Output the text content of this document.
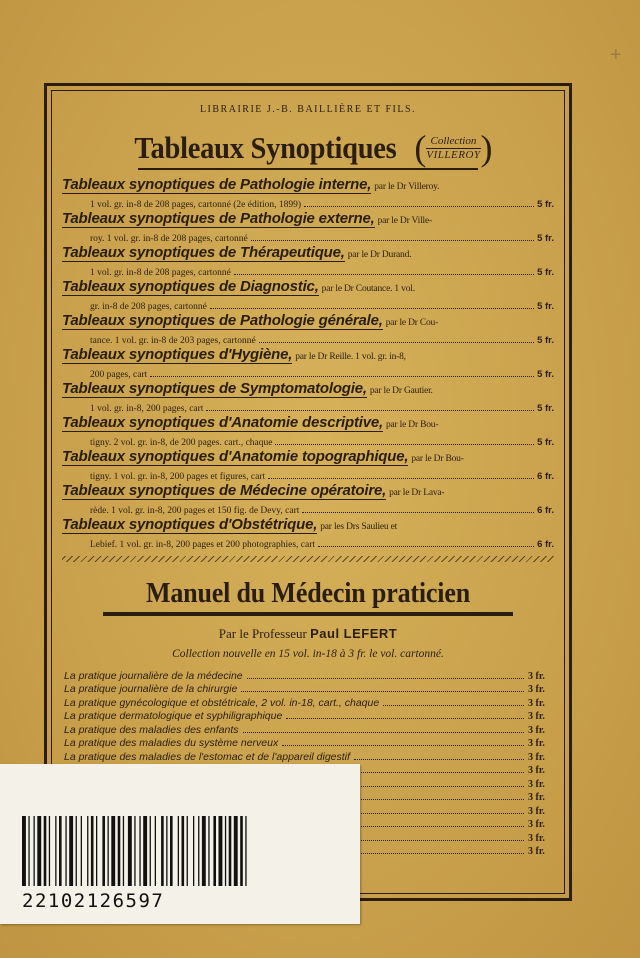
+
LIBRAIRIE J.-B. BAILLIÈRE ET FILS.
Tableaux Synoptiques ( Collection
VILLEROY )
Tableaux synoptiques de Pathologie interne, par le Dr Villeroy.
1 vol. gr. in-8 de 208 pages, cartonné (2e édition, 1899)	5 fr.
Tableaux synoptiques de Pathologie externe, par le Dr Ville-
roy. 1 vol. gr. in-8 de 208 pages, cartonné	5 fr.
Tableaux synoptiques de Thérapeutique, par le Dr Durand.
1 vol. gr. in-8 de 208 pages, cartonné	5 fr.
Tableaux synoptiques de Diagnostic, par le Dr Coutance. 1 vol.
gr. in-8 de 208 pages, cartonné	5 fr.
Tableaux synoptiques de Pathologie générale, par le Dr Cou-
tance. 1 vol. gr. in-8 de 203 pages, cartonné	5 fr.
Tableaux synoptiques d'Hygiène, par le Dr Reille. 1 vol. gr. in-8,
200 pages, cart	5 fr.
Tableaux synoptiques de Symptomatologie, par le Dr Gautier.
1 vol. gr. in-8, 200 pages, cart	5 fr.
Tableaux synoptiques d'Anatomie descriptive, par le Dr Bou-
tigny. 2 vol. gr. in-8, de 200 pages. cart., chaque	5 fr.
Tableaux synoptiques d'Anatomie topographique, par le Dr Bou-
tigny. 1 vol. gr. in-8, 200 pages et figures, cart	6 fr.
Tableaux synoptiques de Médecine opératoire, par le Dr Lava-
rède. 1 vol. gr. in-8, 200 pages et 150 fig. de Devy, cart	6 fr.
Tableaux synoptiques d'Obstétrique, par les Drs Saulieu et
Lebief. 1 vol. gr. in-8, 200 pages et 200 photographies, cart	6 fr.
Manuel du Médecin praticien
Par le Professeur Paul LEFERT
Collection nouvelle en 15 vol. in-18 à 3 fr. le vol. cartonné.
La pratique journalière de la médecine	3 fr.
La pratique journalière de la chirurgie	3 fr.
La pratique gynécologique et obstétricale, 2 vol. in-18, cart., chaque	3 fr.
La pratique dermatologique et syphiligraphique	3 fr.
La pratique des maladies des enfants	3 fr.
La pratique des maladies du système nerveux	3 fr.
La pratique des maladies de l'estomac et de l'appareil digestif	3 fr.
3 fr.
3 fr.
3 fr.
3 fr.
3 fr.
3 fr.
3 fr.
22102126597
